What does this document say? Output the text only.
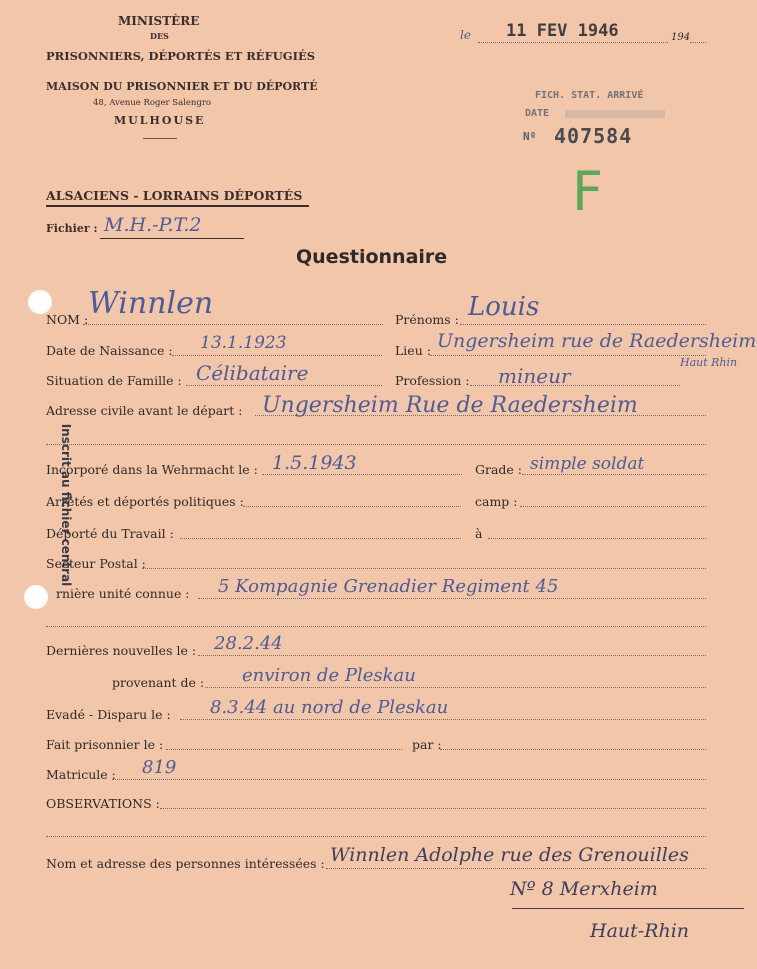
MINISTÈRE
DES
PRISONNIERS, DÉPORTÉS ET RÉFUGIÉS
MAISON DU PRISONNIER ET DU DÉPORTÉ
48, Avenue Roger Salengro
MULHOUSE
le 11 FEV 1946	194
FICH. STAT. ARRIVÉ
DATE
Nº 407584
F
ALSACIENS - LORRAINS DÉPORTÉS
Fichier : M.H.-P.T.2
Questionnaire
Inscrit au fichier central
NOM : Winnlen	Prénoms : Louis
Date de Naissance : 13.1.1923	Lieu : Ungersheim rue de Raedersheim
Haut Rhin
Situation de Famille : Célibataire	Profession : mineur
Adresse civile avant le départ : Ungersheim Rue de Raedersheim
Incorporé dans la Wehrmacht le : 1.5.1943	Grade : simple soldat
Arrêtés et déportés politiques :	camp :
Déporté du Travail :	à
Secteur Postal :
rnière unité connue : 5 Kompagnie Grenadier Regiment 45
Dernières nouvelles le : 28.2.44
provenant de : environ de Pleskau
Evadé - Disparu le : 8.3.44 au nord de Pleskau
Fait prisonnier le :	par :
Matricule : 819
OBSERVATIONS :
Nom et adresse des personnes intéressées : Winnlen Adolphe rue des Grenouilles
Nº 8 Merxheim
Haut-Rhin
